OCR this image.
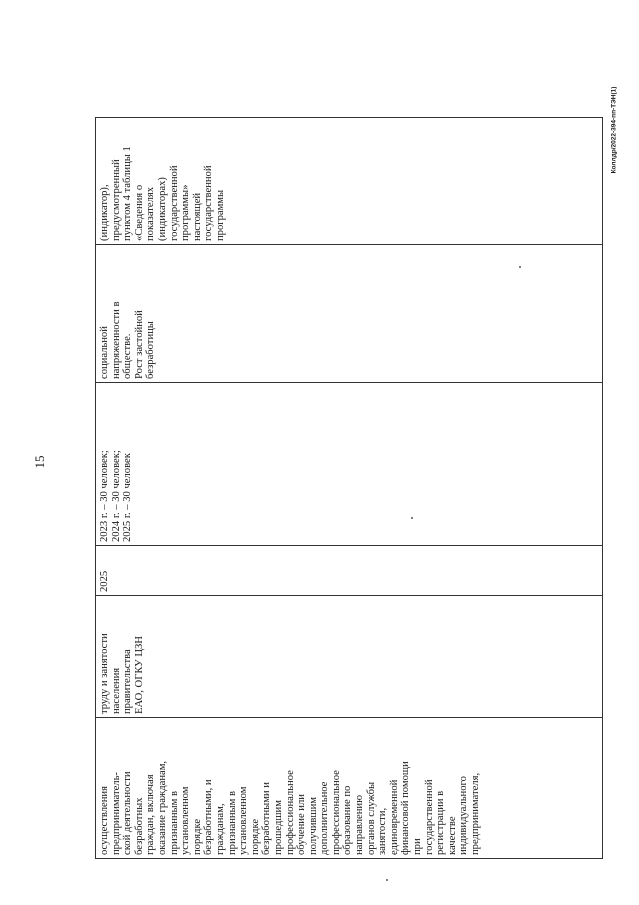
15
Коллдр/2022-394-пп-ТЭН(1)
осуществления предприниматель- ской деятельности безработных граждан, включая оказание гражданам, признанным в установленном порядке безработными, и гражданам, признанным в установленном порядке безработными и прошедшим профессиональное обучение или получившим дополнительное профессиональное образование по направлению органов службы занятости, единовременной финансовой помощи при государственной регистрации в качестве индивидуального предпринимателя,
труду и занятости населения правительства ЕАО, ОГКУ ЦЗН
2025
2023 г. – 30 человек; 2024 г. – 30 человек; 2025 г. – 30 человек
социальной напряженности в обществе. Рост застойной безработицы
(индикатор), предусмотренный пунктом 4 таблицы 1 «Сведения о показателях (индикаторах) государственной программы» настоящей государственной программы
